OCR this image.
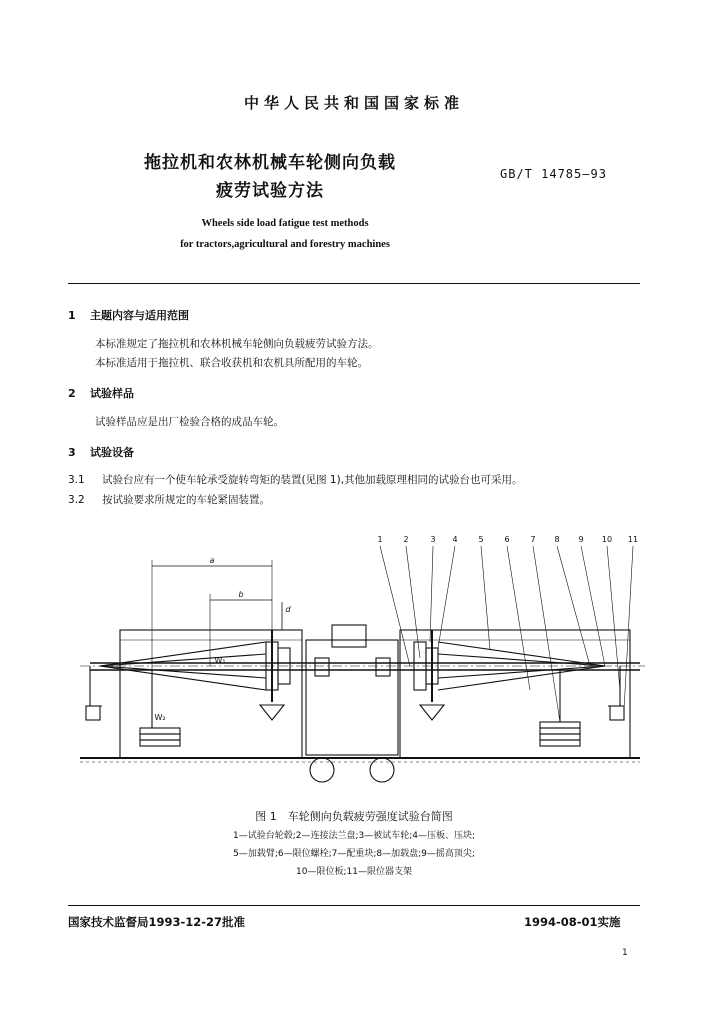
中华人民共和国国家标准
拖拉机和农林机械车轮侧向负载
疲劳试验方法
GB/T 14785—93
Wheels side load fatigue test methods
for tractors,agricultural and forestry machines
1 主题内容与适用范围
本标准规定了拖拉机和农林机械车轮侧向负载疲劳试验方法。
本标准适用于拖拉机、联合收获机和农机具所配用的车轮。
2 试验样品
试验样品应是出厂检验合格的成品车轮。
3 试验设备
3.1 试验台应有一个使车轮承受旋转弯矩的装置(见图 1),其他加载原理相同的试验台也可采用。
3.2 按试验要求所规定的车轮紧固装置。
1	2	3 4	5	6	7 8 9 10 11
a
b
d
W₁
W₂
图 1　车轮侧向负载疲劳强度试验台简图
1—试验台轮毂;2—连接法兰盘;3—被试车轮;4—压板、压块;
5—加载臂;6—限位螺栓;7—配重块;8—加载盘;9—摇高顶尖;
10—限位板;11—限位器支架
国家技术监督局1993-12-27批准	1994-08-01实施
1
